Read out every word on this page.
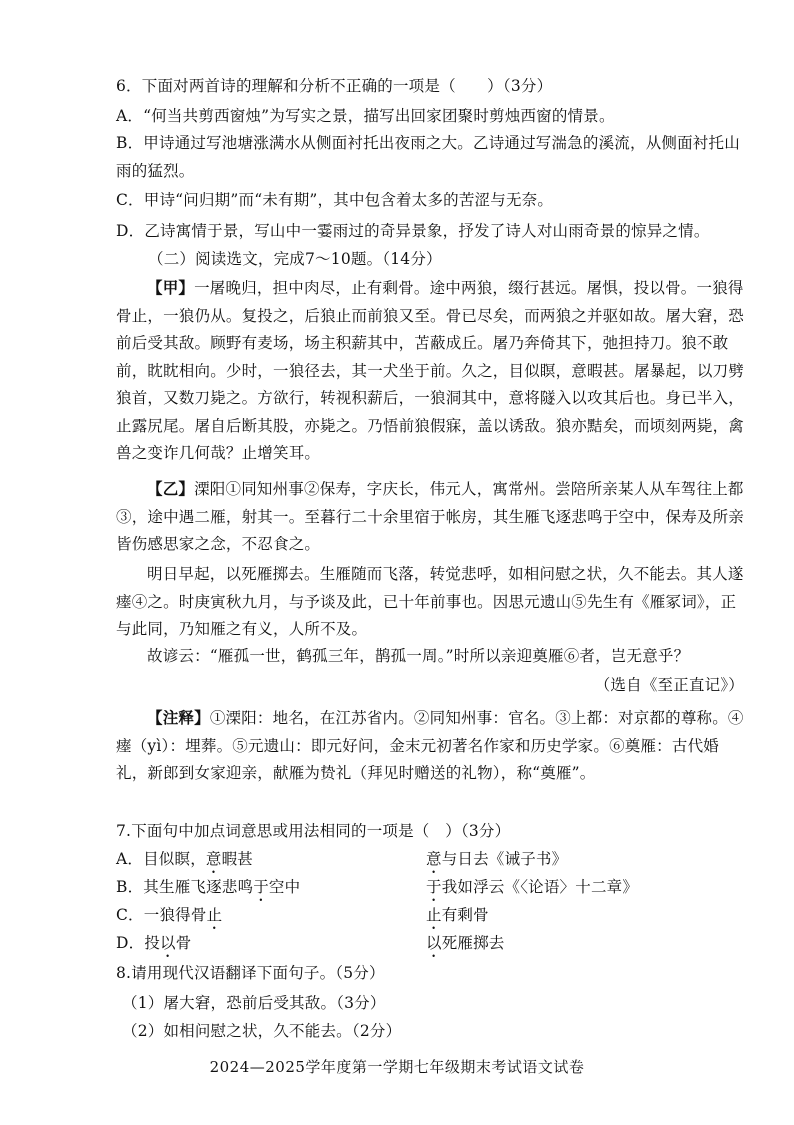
6．下面对两首诗的理解和分析不正确的一项是（　　）（3分）
A．“何当共剪西窗烛”为写实之景，描写出回家团聚时剪烛西窗的情景。
B．甲诗通过写池塘涨满水从侧面衬托出夜雨之大。乙诗通过写湍急的溪流，从侧面衬托山雨的猛烈。
C．甲诗“问归期”而“未有期”，其中包含着太多的苦涩与无奈。
D．乙诗寓情于景，写山中一霎雨过的奇异景象，抒发了诗人对山雨奇景的惊异之情。
（二）阅读选文，完成7～10题。（14分）
【甲】一屠晚归，担中肉尽，止有剩骨。途中两狼，缀行甚远。屠惧，投以骨。一狼得骨止，一狼仍从。复投之，后狼止而前狼又至。骨已尽矣，而两狼之并驱如故。屠大窘，恐前后受其敌。顾野有麦场，场主积薪其中，苫蔽成丘。屠乃奔倚其下，弛担持刀。狼不敢前，眈眈相向。少时，一狼径去，其一犬坐于前。久之，目似瞑，意暇甚。屠暴起，以刀劈狼首，又数刀毙之。方欲行，转视积薪后，一狼洞其中，意将隧入以攻其后也。身已半入，止露尻尾。屠自后断其股，亦毙之。乃悟前狼假寐，盖以诱敌。狼亦黠矣，而顷刻两毙，禽兽之变诈几何哉？止增笑耳。
【乙】溧阳①同知州事②保寿，字庆长，伟元人，寓常州。尝陪所亲某人从车驾往上都③，途中遇二雁，射其一。至暮行二十余里宿于帐房，其生雁飞逐悲鸣于空中，保寿及所亲皆伤感思家之念，不忍食之。
明日早起，以死雁掷去。生雁随而飞落，转觉悲呼，如相问慰之状，久不能去。其人遂瘗④之。时庚寅秋九月，与予谈及此，已十年前事也。因思元遗山⑤先生有《雁冢词》，正与此同，乃知雁之有义，人所不及。
故谚云：“雁孤一世，鹤孤三年，鹊孤一周。”时所以亲迎奠雁⑥者，岂无意乎？
（选自《至正直记》）
【注释】①溧阳：地名，在江苏省内。②同知州事：官名。③上都：对京都的尊称。④瘗（yì）：埋葬。⑤元遗山：即元好问，金末元初著名作家和历史学家。⑥奠雁：古代婚礼，新郎到女家迎亲，献雁为贽礼（拜见时赠送的礼物），称“奠雁”。
7.下面句中加点词意思或用法相同的一项是（　）（3分）
A．目似瞑，意暇甚	意与日去《诫子书》
B．其生雁飞逐悲鸣于空中	于我如浮云《〈论语〉十二章》
C．一狼得骨止	止有剩骨
D．投以骨	以死雁掷去
8.请用现代汉语翻译下面句子。（5分）
（1）屠大窘，恐前后受其敌。（3分）
（2）如相问慰之状，久不能去。（2分）
2024—2025学年度第一学期七年级期末考试语文试卷
